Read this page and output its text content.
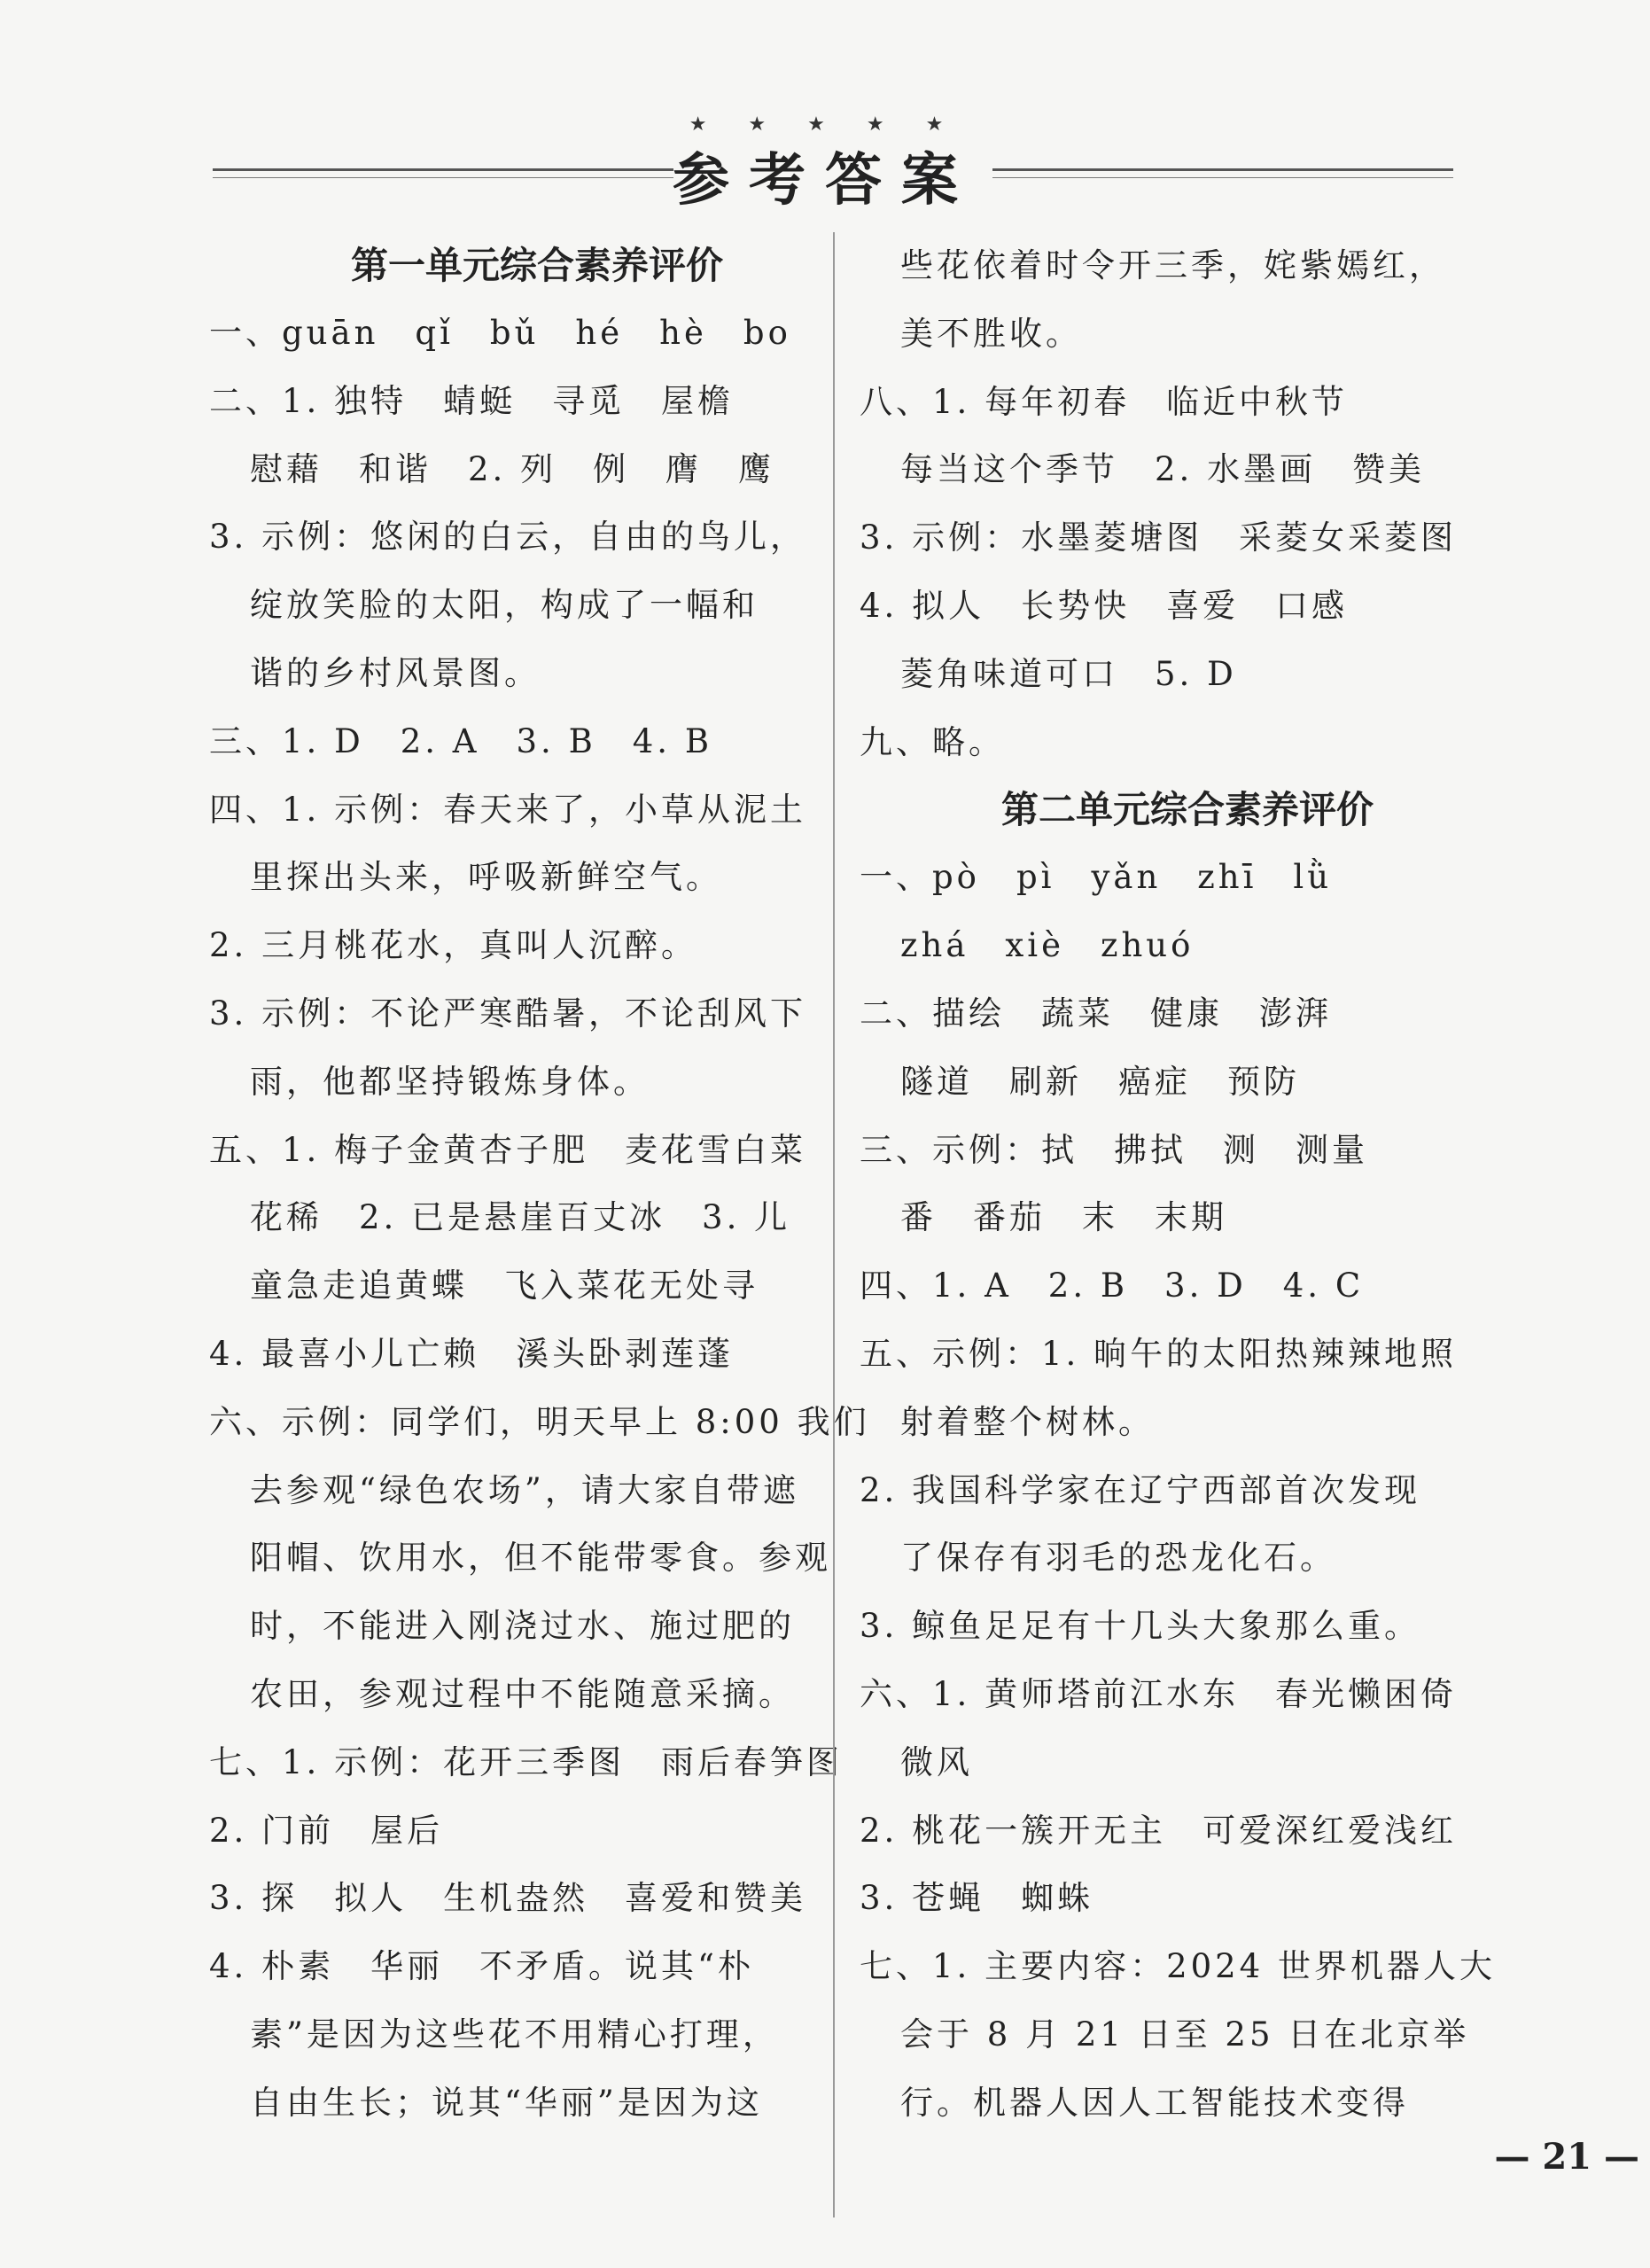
★ ★ ★ ★ ★
参考答案
第一单元综合素养评价
一、guān　qǐ　bǔ　hé　hè　bo
二、1. 独特　蜻蜓　寻觅　屋檐
慰藉　和谐　2. 列　例　膺　鹰
3. 示例：悠闲的白云，自由的鸟儿，
绽放笑脸的太阳，构成了一幅和
谐的乡村风景图。
三、1. D　2. A　3. B　4. B
四、1. 示例：春天来了，小草从泥土
里探出头来，呼吸新鲜空气。
2. 三月桃花水，真叫人沉醉。
3. 示例：不论严寒酷暑，不论刮风下
雨，他都坚持锻炼身体。
五、1. 梅子金黄杏子肥　麦花雪白菜
花稀　2. 已是悬崖百丈冰　3. 儿
童急走追黄蝶　飞入菜花无处寻
4. 最喜小儿亡赖　溪头卧剥莲蓬
六、示例：同学们，明天早上 8:00 我们
去参观“绿色农场”，请大家自带遮
阳帽、饮用水，但不能带零食。参观
时，不能进入刚浇过水、施过肥的
农田，参观过程中不能随意采摘。
七、1. 示例：花开三季图　雨后春笋图
2. 门前　屋后
3. 探　拟人　生机盎然　喜爱和赞美
4. 朴素　华丽　不矛盾。说其“朴
素”是因为这些花不用精心打理，
自由生长；说其“华丽”是因为这
些花依着时令开三季，姹紫嫣红，
美不胜收。
八、1. 每年初春　临近中秋节
每当这个季节　2. 水墨画　赞美
3. 示例：水墨菱塘图　采菱女采菱图
4. 拟人　长势快　喜爱　口感
菱角味道可口　5. D
九、略。
第二单元综合素养评价
一、pò　pì　yǎn　zhī　lǜ
zhá　xiè　zhuó
二、描绘　蔬菜　健康　澎湃
隧道　刷新　癌症　预防
三、示例：拭　拂拭　测　测量
番　番茄　末　末期
四、1. A　2. B　3. D　4. C
五、示例：1. 晌午的太阳热辣辣地照
射着整个树林。
2. 我国科学家在辽宁西部首次发现
了保存有羽毛的恐龙化石。
3. 鲸鱼足足有十几头大象那么重。
六、1. 黄师塔前江水东　春光懒困倚
微风
2. 桃花一簇开无主　可爱深红爱浅红
3. 苍蝇　蜘蛛
七、1. 主要内容：2024 世界机器人大
会于 8 月 21 日至 25 日在北京举
行。机器人因人工智能技术变得
— 21 —
